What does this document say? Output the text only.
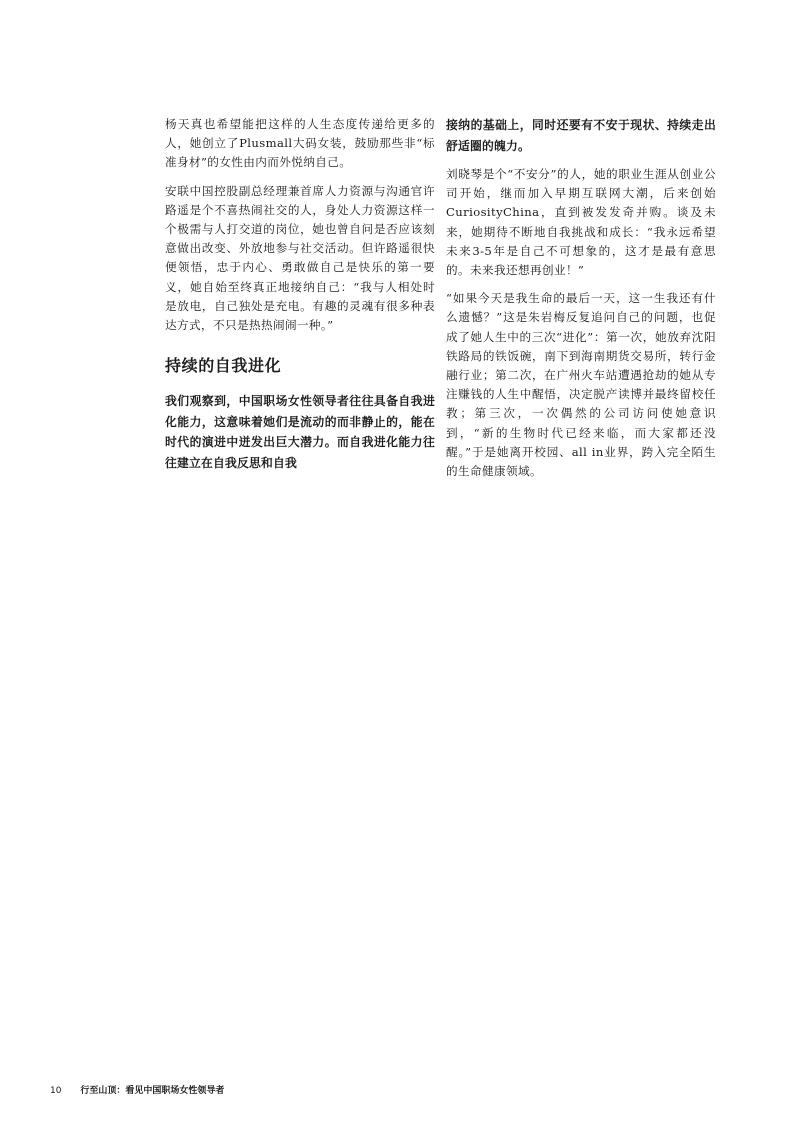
杨天真也希望能把这样的人生态度传递给更多的人，她创立了Plusmall大码女装，鼓励那些非“标准身材”的女性由内而外悦纳自己。

安联中国控股副总经理兼首席人力资源与沟通官许路遥是个不喜热闹社交的人，身处人力资源这样一个极需与人打交道的岗位，她也曾自问是否应该刻意做出改变、外放地参与社交活动。但许路遥很快便领悟，忠于内心、勇敢做自己是快乐的第一要义，她自始至终真正地接纳自己：“我与人相处时是放电，自己独处是充电。有趣的灵魂有很多种表达方式，不只是热热闹闹一种。”

持续的自我进化

我们观察到，中国职场女性领导者往往具备自我进化能力，这意味着她们是流动的而非静止的，能在时代的演进中迸发出巨大潜力。而自我进化能力往往建立在自我反思和自我

接纳的基础上，同时还要有不安于现状、持续走出舒适圈的魄力。

刘晓琴是个“不安分”的人，她的职业生涯从创业公司开始，继而加入早期互联网大潮，后来创始CuriosityChina，直到被发发奇并购。谈及未来，她期待不断地自我挑战和成长：“我永远希望未来3-5年是自己不可想象的，这才是最有意思的。未来我还想再创业！”

“如果今天是我生命的最后一天，这一生我还有什么遗憾？”这是朱岩梅反复追问自己的问题，也促成了她人生中的三次“进化”：第一次，她放弃沈阳铁路局的铁饭碗，南下到海南期货交易所，转行金融行业；第二次，在广州火车站遭遇抢劫的她从专注赚钱的人生中醒悟，决定脱产读博并最终留校任教；第三次，一次偶然的公司访问使她意识到，“新的生物时代已经来临，而大家都还没醒。”于是她离开校园、all in业界，跨入完全陌生的生命健康领域。

10 行至山顶：看见中国职场女性领导者
